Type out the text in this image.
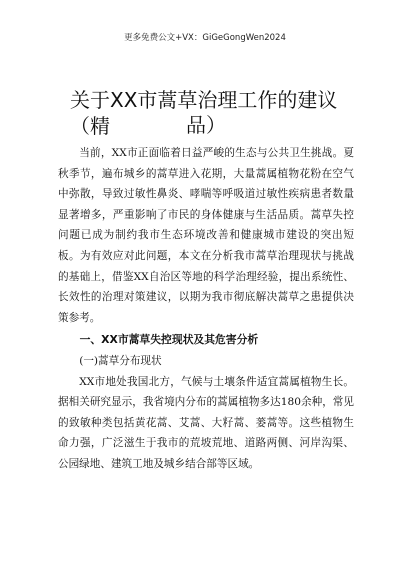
更多免费公文+VX：GiGeGongWen2024
关于XX市蒿草治理工作的建议（精	品）

当前，XX市正面临着日益严峻的生态与公共卫生挑战。夏秋季节，遍布城乡的蒿草进入花期，大量蒿属植物花粉在空气中弥散，导致过敏性鼻炎、哮喘等呼吸道过敏性疾病患者数量显著增多，严重影响了市民的身体健康与生活品质。蒿草失控问题已成为制约我市生态环境改善和健康城市建设的突出短板。为有效应对此问题，本文在分析我市蒿草治理现状与挑战的基础上，借鉴XX自治区等地的科学治理经验，提出系统性、长效性的治理对策建议，以期为我市彻底解决蒿草之患提供决策参考。

一、XX市蒿草失控现状及其危害分析

(一)蒿草分布现状

XX市地处我国北方，气候与土壤条件适宜蒿属植物生长。据相关研究显示，我省境内分布的蒿属植物多达180余种，常见的致敏种类包括黄花蒿、艾蒿、大籽蒿、蒌蒿等。这些植物生命力强，广泛滋生于我市的荒坡荒地、道路两侧、河岸沟渠、公园绿地、建筑工地及城乡结合部等区域。
